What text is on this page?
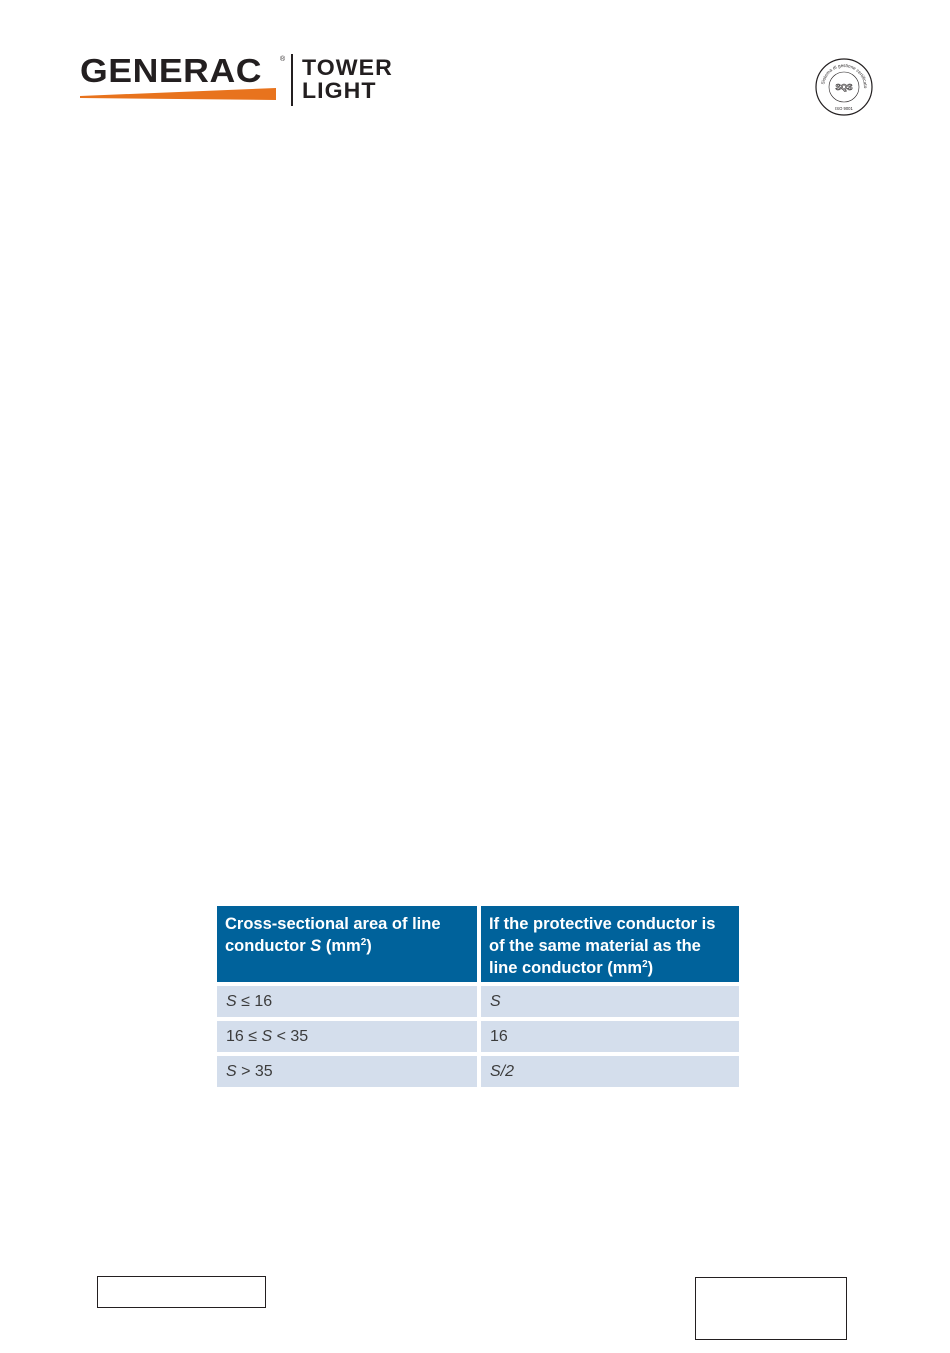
GENERAC	® TOWER
LIGHT	Sistema di gestione certificato
SQS
ISO 9001
Cross-sectional area of line conductor S $(mm^2)$	If the protective conductor is of the same material as the line conductor $(mm^2)$
S ≤ 16	S
16 ≤ S < 35	16
S > 35	S/2
